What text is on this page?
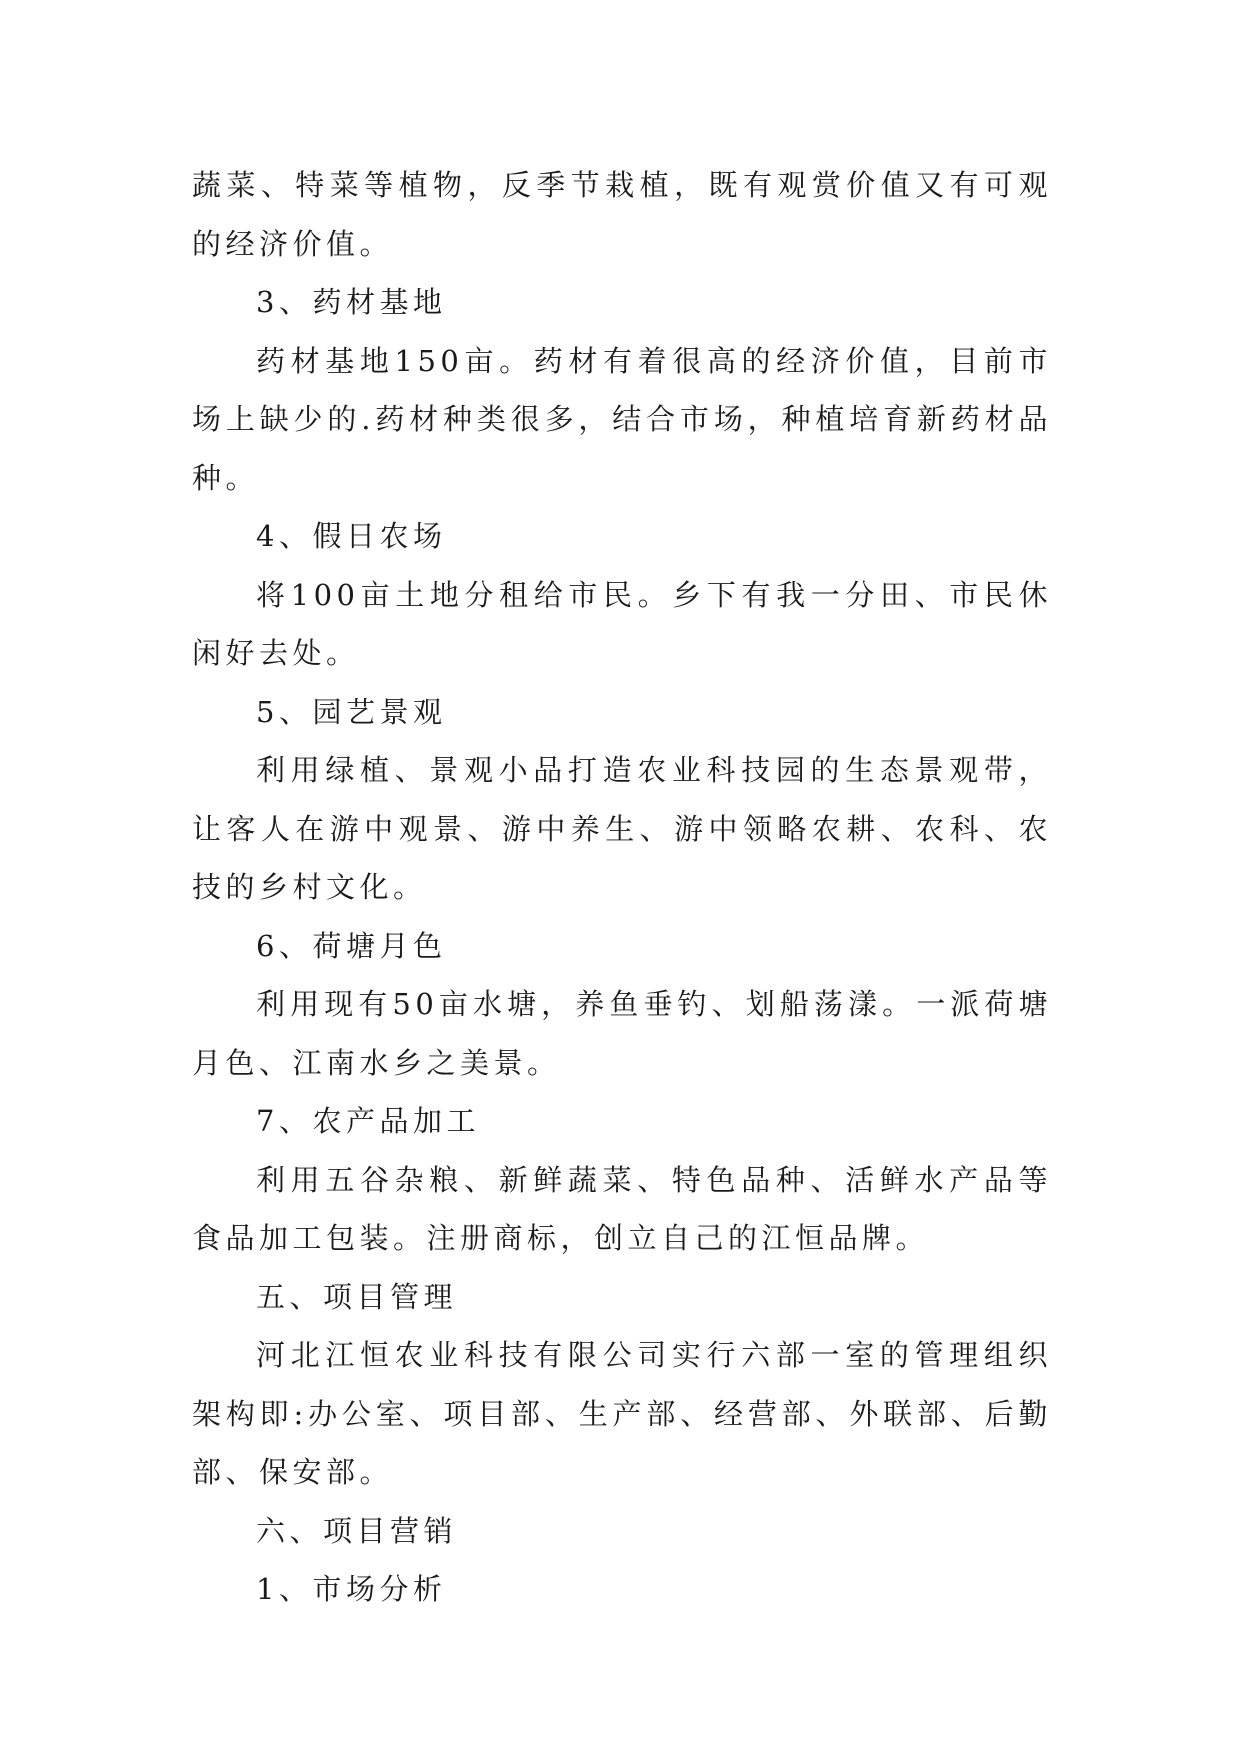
蔬菜、特菜等植物，反季节栽植，既有观赏价值又有可观的经济价值。

3、药材基地

药材基地150亩。药材有着很高的经济价值，目前市场上缺少的.药材种类很多，结合市场，种植培育新药材品种。

4、假日农场

将100亩土地分租给市民。乡下有我一分田、市民休闲好去处。

5、园艺景观

利用绿植、景观小品打造农业科技园的生态景观带，让客人在游中观景、游中养生、游中领略农耕、农科、农技的乡村文化。

6、荷塘月色

利用现有50亩水塘，养鱼垂钓、划船荡漾。一派荷塘月色、江南水乡之美景。

7、农产品加工

利用五谷杂粮、新鲜蔬菜、特色品种、活鲜水产品等食品加工包装。注册商标，创立自己的江恒品牌。

五、项目管理

河北江恒农业科技有限公司实行六部一室的管理组织架构即:办公室、项目部、生产部、经营部、外联部、后勤部、保安部。

六、项目营销

1、市场分析
